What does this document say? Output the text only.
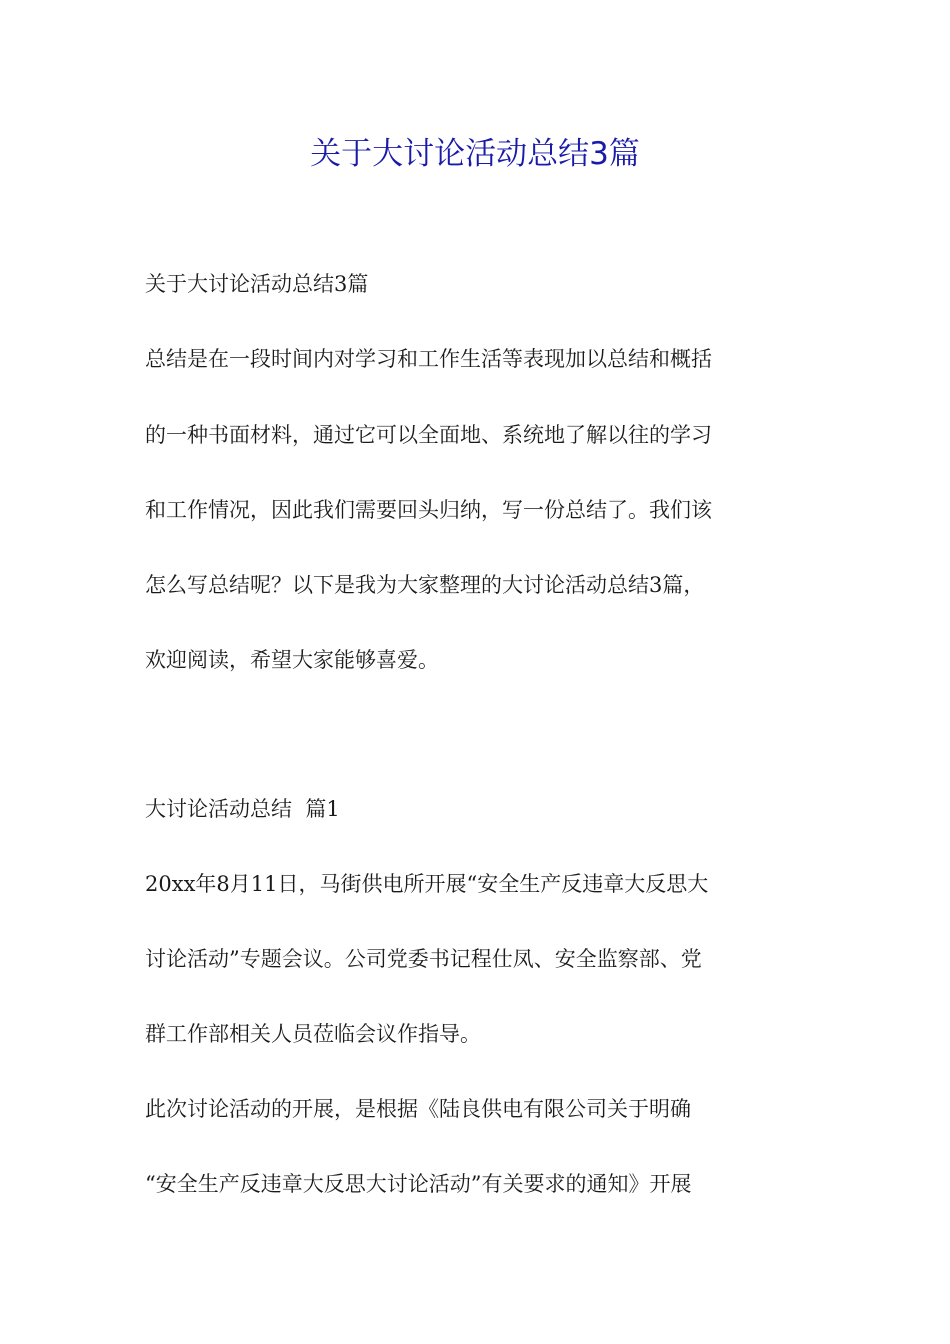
关于大讨论活动总结3篇

关于大讨论活动总结3篇

总结是在一段时间内对学习和工作生活等表现加以总结和概括

的一种书面材料，通过它可以全面地、系统地了解以往的学习

和工作情况，因此我们需要回头归纳，写一份总结了。我们该

怎么写总结呢？以下是我为大家整理的大讨论活动总结3篇，

欢迎阅读，希望大家能够喜爱。

大讨论活动总结  篇1

20xx年8月11日，马街供电所开展“安全生产反违章大反思大

讨论活动”专题会议。公司党委书记程仕凤、安全监察部、党

群工作部相关人员莅临会议作指导。

此次讨论活动的开展，是根据《陆良供电有限公司关于明确

“安全生产反违章大反思大讨论活动”有关要求的通知》开展
